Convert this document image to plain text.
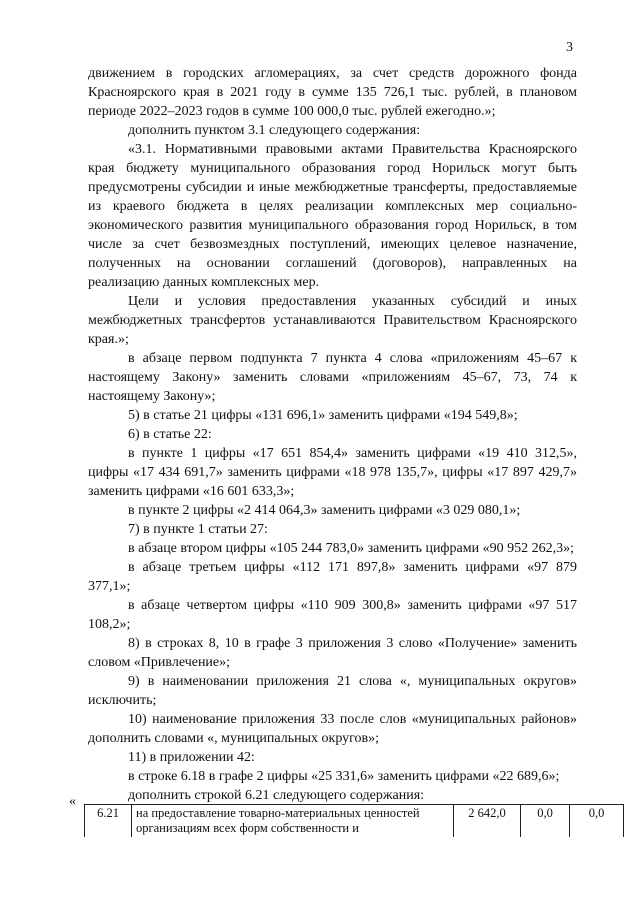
3

движением в городских агломерациях, за счет средств дорожного фонда Красноярского края в 2021 году в сумме 135 726,1 тыс. рублей, в плановом периоде 2022–2023 годов в сумме 100 000,0 тыс. рублей ежегодно.»;

дополнить пунктом 3.1 следующего содержания:

«3.1. Нормативными правовыми актами Правительства Красноярского края бюджету муниципального образования город Норильск могут быть предусмотрены субсидии и иные межбюджетные трансферты, предоставляемые из краевого бюджета в целях реализации комплексных мер социально-экономического развития муниципального образования город Норильск, в том числе за счет безвозмездных поступлений, имеющих целевое назначение, полученных на основании соглашений (договоров), направленных на реализацию данных комплексных мер.

Цели и условия предоставления указанных субсидий и иных межбюджетных трансфертов устанавливаются Правительством Красноярского края.»;

в абзаце первом подпункта 7 пункта 4 слова «приложениям 45–67 к настоящему Закону» заменить словами «приложениям 45–67, 73, 74 к настоящему Закону»;

5) в статье 21 цифры «131 696,1» заменить цифрами «194 549,8»;

6) в статье 22:

в пункте 1 цифры «17 651 854,4» заменить цифрами «19 410 312,5», цифры «17 434 691,7» заменить цифрами «18 978 135,7», цифры «17 897 429,7» заменить цифрами «16 601 633,3»;

в пункте 2 цифры «2 414 064,3» заменить цифрами «3 029 080,1»;

7) в пункте 1 статьи 27:

в абзаце втором цифры «105 244 783,0» заменить цифрами «90 952 262,3»;

в абзаце третьем цифры «112 171 897,8» заменить цифрами «97 879 377,1»;

в абзаце четвертом цифры «110 909 300,8» заменить цифрами «97 517 108,2»;

8) в строках 8, 10 в графе 3 приложения 3 слово «Получение» заменить словом «Привлечение»;

9) в наименовании приложения 21 слова «, муниципальных округов» исключить;

10) наименование приложения 33 после слов «муниципальных районов» дополнить словами «, муниципальных округов»;

11) в приложении 42:

в строке 6.18 в графе 2 цифры «25 331,6» заменить цифрами «22 689,6»;

дополнить строкой 6.21 следующего содержания:

«
6.21	на предоставление товарно-материальных ценностей организациям всех форм собственности и	2 642,0	0,0	0,0
